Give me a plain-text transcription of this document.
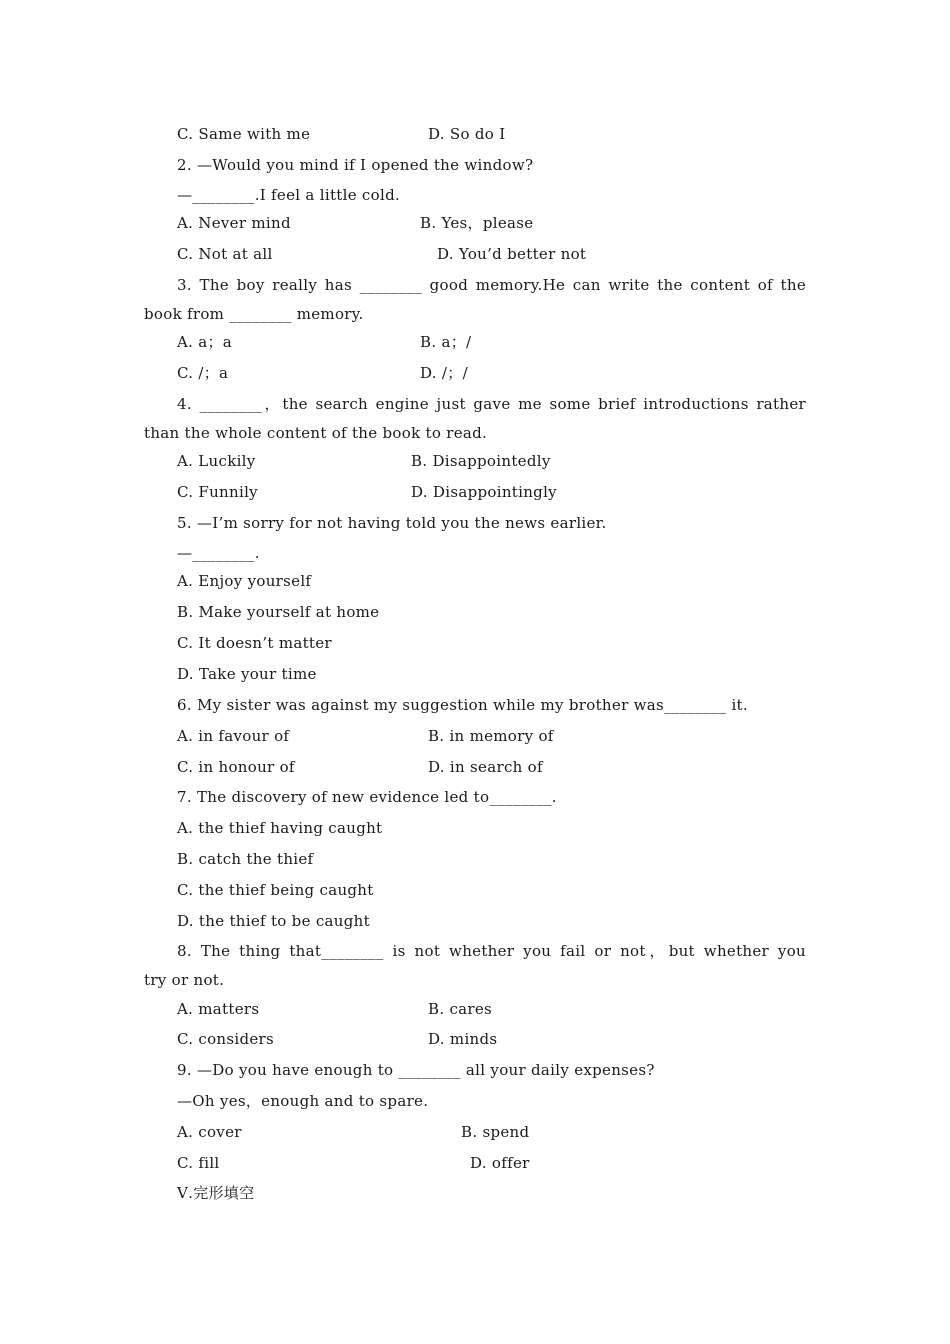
C. Same with me	D. So do I
2. —Would you mind if I opened the window?
—________.I feel a little cold.
A. Never mind	B. Yes，please
C. Not at all	D. You’d better not
3. The boy really has ________ good memory.He can write the content of the
book from ________ memory.
A. a；a	B. a；/
C. /；a	D. /；/
4. ________，the search engine just gave me some brief introductions rather
than the whole content of the book to read.
A. Luckily	B. Disappointedly
C. Funnily	D. Disappointingly
5. —I’m sorry for not having told you the news earlier.
—________.
A. Enjoy yourself
B. Make yourself at home
C. It doesn’t matter
D. Take your time
6. My sister was against my suggestion while my brother was________ it.
A. in favour of	B. in memory of
C. in honour of	D. in search of
7. The discovery of new evidence led to________.
A. the thief having caught
B. catch the thief
C. the thief being caught
D. the thief to be caught
8. The thing that________ is not whether you fail or not，but whether you
try or not.
A. matters	B. cares
C. considers	D. minds
9. —Do you have enough to ________ all your daily expenses?
—Oh yes，enough and to spare.
A. cover	B. spend
C. fill	D. offer
Ⅴ.完形填空
